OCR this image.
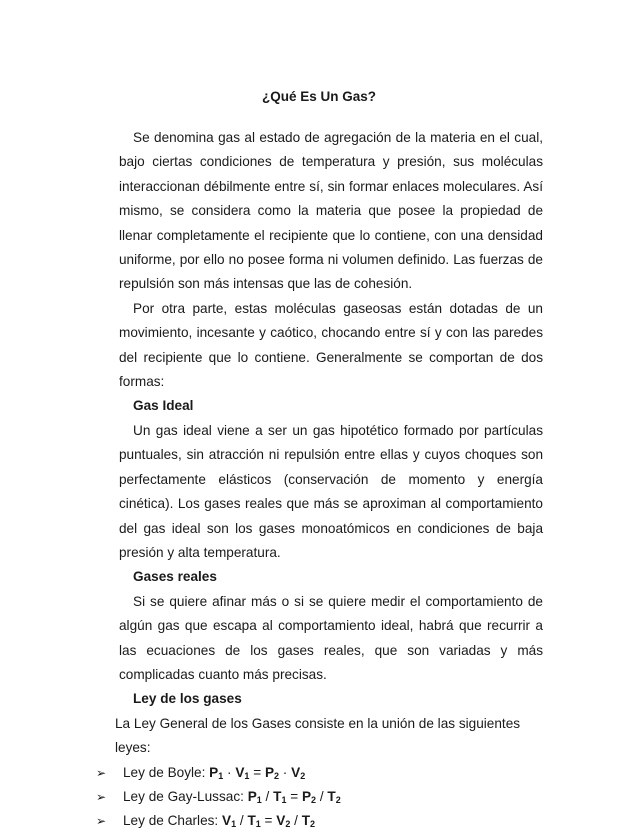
¿Qué Es Un Gas?

Se denomina gas al estado de agregación de la materia en el cual, bajo ciertas condiciones de temperatura y presión, sus moléculas interaccionan débilmente entre sí, sin formar enlaces moleculares. Así mismo, se considera como la materia que posee la propiedad de llenar completamente el recipiente que lo contiene, con una densidad uniforme, por ello no posee forma ni volumen definido. Las fuerzas de repulsión son más intensas que las de cohesión.

Por otra parte, estas moléculas gaseosas están dotadas de un movimiento, incesante y caótico, chocando entre sí y con las paredes del recipiente que lo contiene. Generalmente se comportan de dos formas:

Gas Ideal

Un gas ideal viene a ser un gas hipotético formado por partículas puntuales, sin atracción ni repulsión entre ellas y cuyos choques son perfectamente elásticos (conservación de momento y energía cinética). Los gases reales que más se aproximan al comportamiento del gas ideal son los gases monoatómicos en condiciones de baja presión y alta temperatura.

Gases reales

Si se quiere afinar más o si se quiere medir el comportamiento de algún gas que escapa al comportamiento ideal, habrá que recurrir a las ecuaciones de los gases reales, que son variadas y más complicadas cuanto más precisas.

Ley de los gases

La Ley General de los Gases consiste en la unión de las siguientes leyes:

➢ Ley de Boyle: $P_1 \cdot V_1 = P_2 \cdot V_2$
➢ Ley de Gay-Lussac: $P_1 / T_1 = P_2 / T_2$
➢ Ley de Charles: $V_1 / T_1 = V_2 / T_2$
